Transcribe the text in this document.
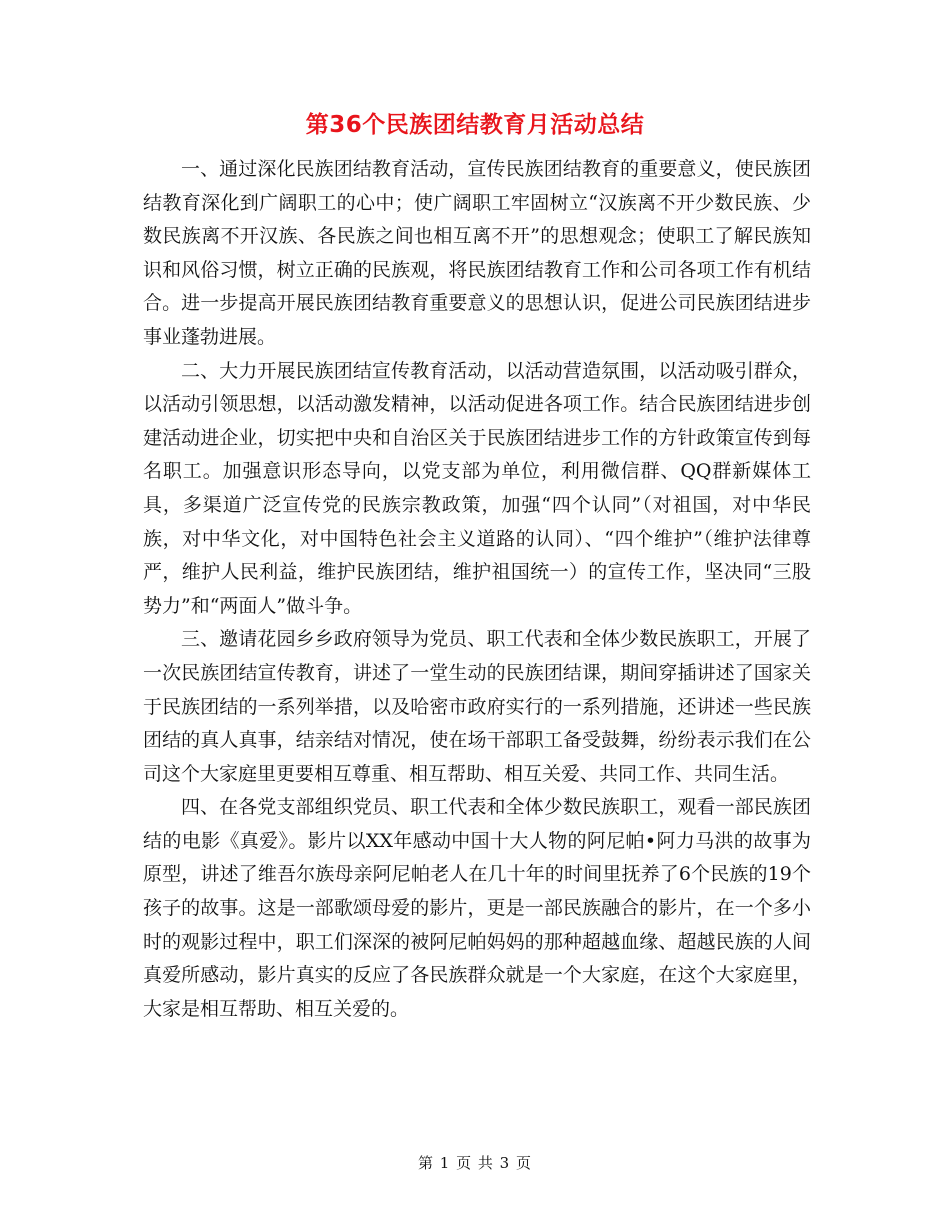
第36个民族团结教育月活动总结

一、通过深化民族团结教育活动，宣传民族团结教育的重要意义，使民族团结教育深化到广阔职工的心中；使广阔职工牢固树立“汉族离不开少数民族、少数民族离不开汉族、各民族之间也相互离不开”的思想观念；使职工了解民族知识和风俗习惯，树立正确的民族观，将民族团结教育工作和公司各项工作有机结合。进一步提高开展民族团结教育重要意义的思想认识，促进公司民族团结进步事业蓬勃进展。

二、大力开展民族团结宣传教育活动，以活动营造氛围，以活动吸引群众，以活动引领思想，以活动激发精神，以活动促进各项工作。结合民族团结进步创建活动进企业，切实把中央和自治区关于民族团结进步工作的方针政策宣传到每名职工。加强意识形态导向，以党支部为单位，利用微信群、QQ群新媒体工具，多渠道广泛宣传党的民族宗教政策，加强“四个认同”（对祖国，对中华民族，对中华文化，对中国特色社会主义道路的认同）、“四个维护”（维护法律尊严，维护人民利益，维护民族团结，维护祖国统一）的宣传工作，坚决同“三股势力”和“两面人”做斗争。

三、邀请花园乡乡政府领导为党员、职工代表和全体少数民族职工，开展了一次民族团结宣传教育，讲述了一堂生动的民族团结课，期间穿插讲述了国家关于民族团结的一系列举措，以及哈密市政府实行的一系列措施，还讲述一些民族团结的真人真事，结亲结对情况，使在场干部职工备受鼓舞，纷纷表示我们在公司这个大家庭里更要相互尊重、相互帮助、相互关爱、共同工作、共同生活。

四、在各党支部组织党员、职工代表和全体少数民族职工，观看一部民族团结的电影《真爱》。影片以XX年感动中国十大人物的阿尼帕•阿力马洪的故事为原型，讲述了维吾尔族母亲阿尼帕老人在几十年的时间里抚养了6个民族的19个孩子的故事。这是一部歌颂母爱的影片，更是一部民族融合的影片，在一个多小时的观影过程中，职工们深深的被阿尼帕妈妈的那种超越血缘、超越民族的人间真爱所感动，影片真实的反应了各民族群众就是一个大家庭，在这个大家庭里，大家是相互帮助、相互关爱的。

第 1 页 共 3 页
